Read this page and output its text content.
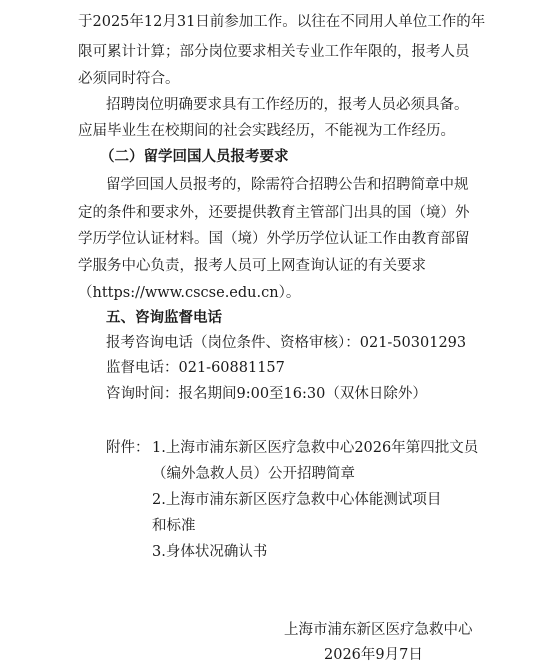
于2025年12月31日前参加工作。以往在不同用人单位工作的年
限可累计计算；部分岗位要求相关专业工作年限的，报考人员
必须同时符合。
招聘岗位明确要求具有工作经历的，报考人员必须具备。
应届毕业生在校期间的社会实践经历，不能视为工作经历。
（二）留学回国人员报考要求
留学回国人员报考的，除需符合招聘公告和招聘简章中规
定的条件和要求外，还要提供教育主管部门出具的国（境）外
学历学位认证材料。国（境）外学历学位认证工作由教育部留
学服务中心负责，报考人员可上网查询认证的有关要求
（https://www.cscse.edu.cn）。
五、咨询监督电话
报考咨询电话（岗位条件、资格审核）：021-50301293
监督电话：021-60881157
咨询时间：报名期间9:00至16:30（双休日除外）
附件： 1.上海市浦东新区医疗急救中心2026年第四批文员
（编外急救人员）公开招聘简章
2.上海市浦东新区医疗急救中心体能测试项目
和标准
3.身体状况确认书
上海市浦东新区医疗急救中心
2026年9月7日
